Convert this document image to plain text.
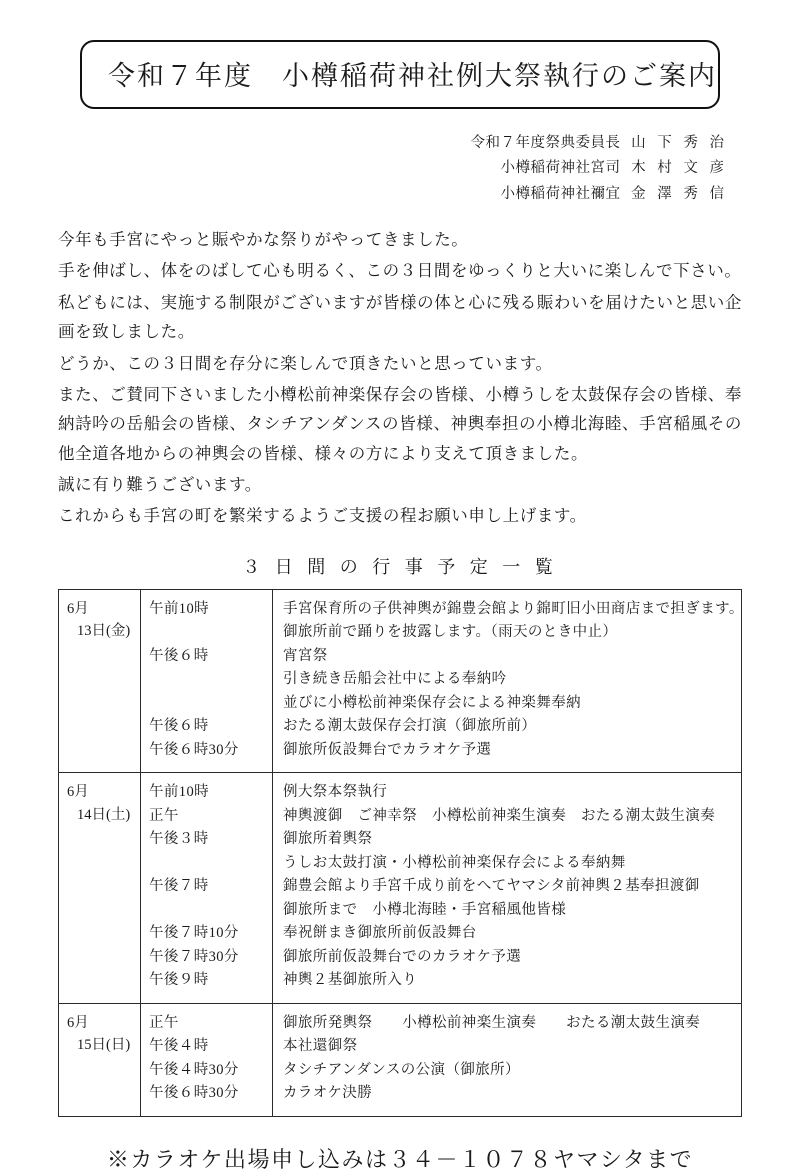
令和７年度　小樽稲荷神社例大祭執行のご案内
令和７年度祭典委員長 山 下 秀 治
小樽稲荷神社宮司 木 村 文 彦
小樽稲荷神社禰宜 金 澤 秀 信

今年も手宮にやっと賑やかな祭りがやってきました。

手を伸ばし、体をのばして心も明るく、この３日間をゆっくりと大いに楽しんで下さい。

私どもには、実施する制限がございますが皆様の体と心に残る賑わいを届けたいと思い企画を致しました。

どうか、この３日間を存分に楽しんで頂きたいと思っています。

また、ご賛同下さいました小樽松前神楽保存会の皆様、小樽うしを太鼓保存会の皆様、奉納詩吟の岳船会の皆様、タシチアンダンスの皆様、神輿奉担の小樽北海睦、手宮稲風その他全道各地からの神輿会の皆様、様々の方により支えて頂きました。

誠に有り難うございます。

これからも手宮の町を繁栄するようご支援の程お願い申し上げます。

３ 日 間 の 行 事 予 定 一 覧
6月
13日(金)
午前10時

午後６時

午後６時
午後６時30分
手宮保育所の子供神輿が錦豊会館より錦町旧小田商店まで担ぎます。
御旅所前で踊りを披露します。（雨天のとき中止）
宵宮祭
引き続き岳船会社中による奉納吟
並びに小樽松前神楽保存会による神楽舞奉納
おたる潮太鼓保存会打演（御旅所前）
御旅所仮設舞台でカラオケ予選
6月
14日(土)
午前10時
正午
午後３時

午後７時

午後７時10分
午後７時30分
午後９時
例大祭本祭執行
神輿渡御　ご神幸祭　小樽松前神楽生演奏　おたる潮太鼓生演奏
御旅所着輿祭
うしお太鼓打演・小樽松前神楽保存会による奉納舞
錦豊会館より手宮千成り前をへてヤマシタ前神輿２基奉担渡御
御旅所まで　小樽北海睦・手宮稲風他皆様
奉祝餅まき御旅所前仮設舞台
御旅所前仮設舞台でのカラオケ予選
神輿２基御旅所入り
6月
15日(日)
正午
午後４時
午後４時30分
午後６時30分
御旅所発輿祭　　小樽松前神楽生演奏　　おたる潮太鼓生演奏
本社還御祭
タシチアンダンスの公演（御旅所）
カラオケ決勝
※カラオケ出場申し込みは３４－１０７８ヤマシタまで
